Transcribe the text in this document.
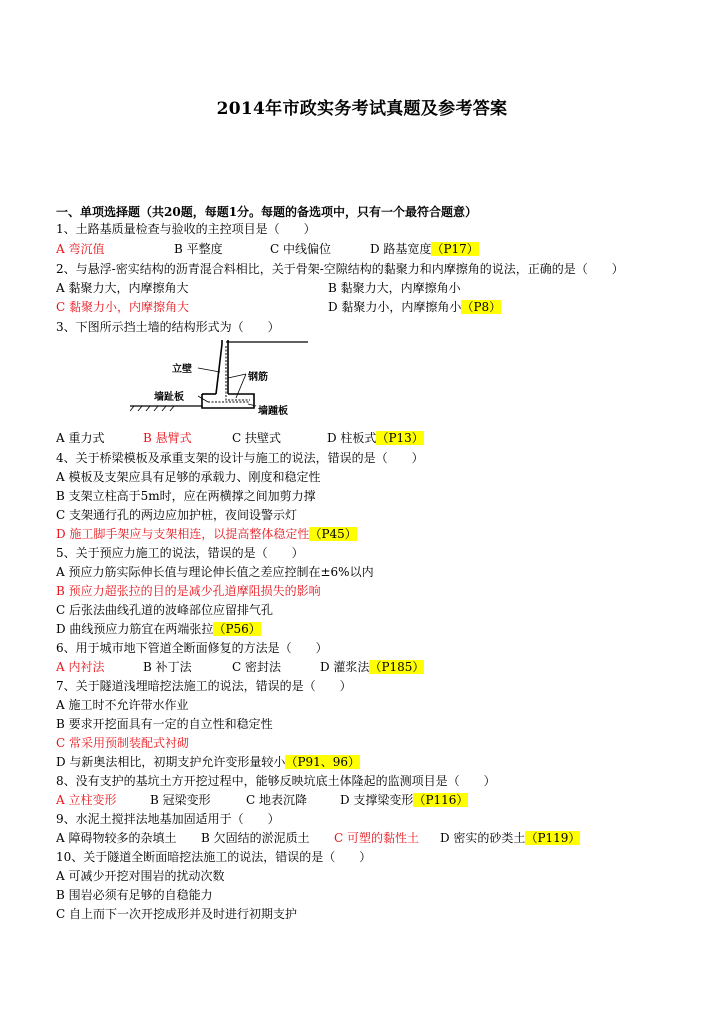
2014年市政实务考试真题及参考答案
一、单项选择题（共20题，每题1分。每题的备选项中，只有一个最符合题意）
1、土路基质量检查与验收的主控项目是（　　）
A 弯沉值	B 平整度	C 中线偏位	D 路基宽度（P17）
2、与悬浮-密实结构的沥青混合料相比，关于骨架-空隙结构的黏聚力和内摩擦角的说法，正确的是（　　）
A 黏聚力大，内摩擦角大	B 黏聚力大，内摩擦角小
C 黏聚力小，内摩擦角大	D 黏聚力小，内摩擦角小（P8）
3、下图所示挡土墙的结构形式为（　　）
立壁
钢筋
墙趾板
墙踵板
A 重力式	B 悬臂式	C 扶壁式	D 柱板式（P13）
4、关于桥梁模板及承重支架的设计与施工的说法，错误的是（　　）
A 模板及支架应具有足够的承载力、刚度和稳定性
B 支架立柱高于5m时，应在两横撑之间加剪力撑
C 支架通行孔的两边应加护桩，夜间设警示灯
D 施工脚手架应与支架相连，以提高整体稳定性（P45）
5、关于预应力施工的说法，错误的是（　　）
A 预应力筋实际伸长值与理论伸长值之差应控制在±6%以内
B 预应力超张拉的目的是减少孔道摩阻损失的影响
C 后张法曲线孔道的波峰部位应留排气孔
D 曲线预应力筋宜在两端张拉（P56）
6、用于城市地下管道全断面修复的方法是（　　）
A 内衬法	B 补丁法	C 密封法	D 灌浆法（P185）
7、关于隧道浅埋暗挖法施工的说法，错误的是（　　）
A 施工时不允许带水作业
B 要求开挖面具有一定的自立性和稳定性
C 常采用预制装配式衬砌
D 与新奥法相比，初期支护允许变形量较小（P91、96）
8、没有支护的基坑土方开挖过程中，能够反映坑底土体隆起的监测项目是（　　）
A 立柱变形	B 冠梁变形	C 地表沉降	D 支撑梁变形（P116）
9、水泥土搅拌法地基加固适用于（　　）
A 障碍物较多的杂填土 B 欠固结的淤泥质土 C 可塑的黏性土 D 密实的砂类土（P119）
10、关于隧道全断面暗挖法施工的说法，错误的是（　　）
A 可减少开挖对围岩的扰动次数
B 围岩必须有足够的自稳能力
C 自上而下一次开挖成形并及时进行初期支护
